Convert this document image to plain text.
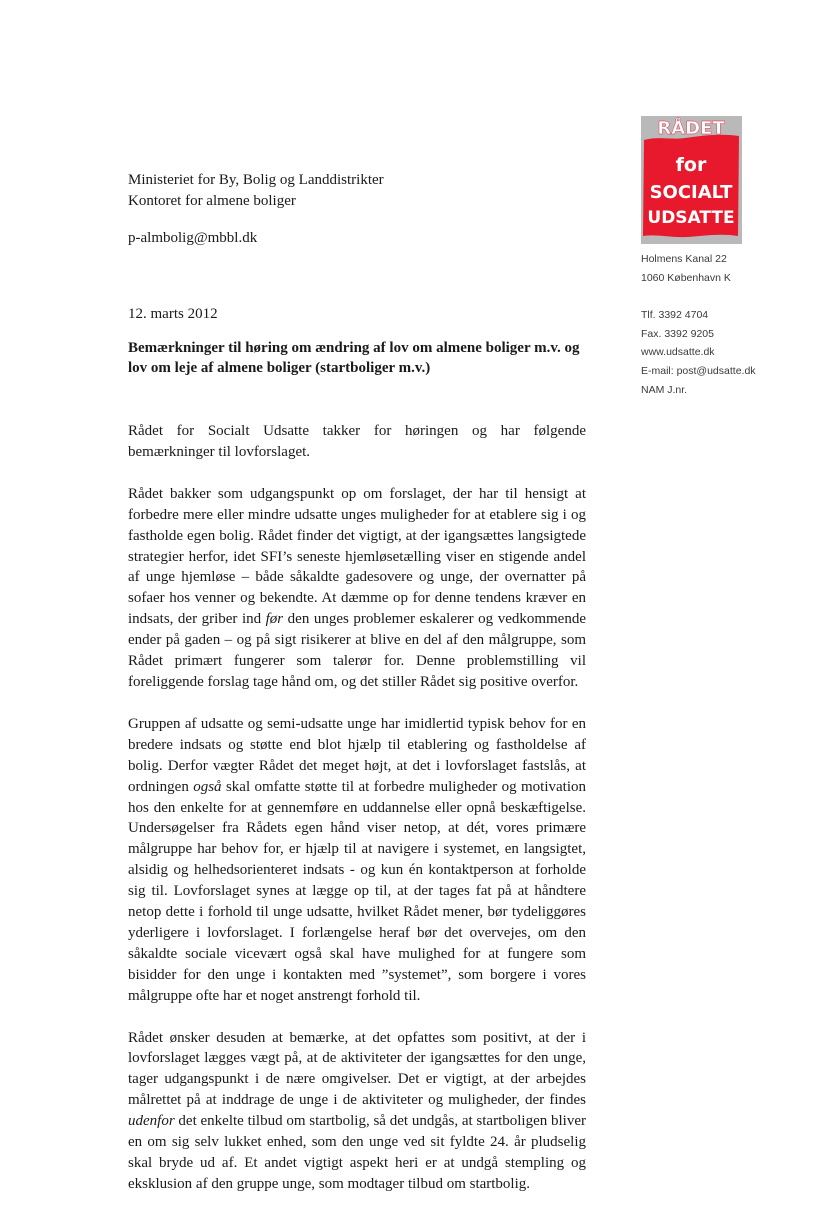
Ministeriet for By, Bolig og Landdistrikter
Kontoret for almene boliger
p-almbolig@mbbl.dk
12. marts 2012
Bemærkninger til høring om ændring af lov om almene boliger m.v. og lov om leje af almene boliger (startboliger m.v.)
RÅDET
for
SOCIALT
UDSATTE
Holmens Kanal 22
1060 København K
Tlf. 3392 4704
Fax. 3392 9205
www.udsatte.dk
E-mail: post@udsatte.dk
NAM J.nr.

Rådet for Socialt Udsatte takker for høringen og har følgende bemærkninger til lovforslaget.

Rådet bakker som udgangspunkt op om forslaget, der har til hensigt at forbedre mere eller mindre udsatte unges muligheder for at etablere sig i og fastholde egen bolig. Rådet finder det vigtigt, at der igangsættes langsigtede strategier herfor, idet SFI’s seneste hjemløsetælling viser en stigende andel af unge hjemløse – både såkaldte gadesovere og unge, der overnatter på sofaer hos venner og bekendte. At dæmme op for denne tendens kræver en indsats, der griber ind før den unges problemer eskalerer og vedkommende ender på gaden – og på sigt risikerer at blive en del af den målgruppe, som Rådet primært fungerer som talerør for. Denne problemstilling vil foreliggende forslag tage hånd om, og det stiller Rådet sig positive overfor.

Gruppen af udsatte og semi-udsatte unge har imidlertid typisk behov for en bredere indsats og støtte end blot hjælp til etablering og fastholdelse af bolig. Derfor vægter Rådet det meget højt, at det i lovforslaget fastslås, at ordningen også skal omfatte støtte til at forbedre muligheder og motivation hos den enkelte for at gennemføre en uddannelse eller opnå beskæftigelse. Undersøgelser fra Rådets egen hånd viser netop, at dét, vores primære målgruppe har behov for, er hjælp til at navigere i systemet, en langsigtet, alsidig og helhedsorienteret indsats - og kun én kontaktperson at forholde sig til. Lovforslaget synes at lægge op til, at der tages fat på at håndtere netop dette i forhold til unge udsatte, hvilket Rådet mener, bør tydeliggøres yderligere i lovforslaget. I forlængelse heraf bør det overvejes, om den såkaldte sociale vicevært også skal have mulighed for at fungere som bisidder for den unge i kontakten med ”systemet”, som borgere i vores målgruppe ofte har et noget anstrengt forhold til.

Rådet ønsker desuden at bemærke, at det opfattes som positivt, at der i lovforslaget lægges vægt på, at de aktiviteter der igangsættes for den unge, tager udgangspunkt i de nære omgivelser. Det er vigtigt, at der arbejdes målrettet på at inddrage de unge i de aktiviteter og muligheder, der findes udenfor det enkelte tilbud om startbolig, så det undgås, at startboligen bliver en om sig selv lukket enhed, som den unge ved sit fyldte 24. år pludselig skal bryde ud af. Et andet vigtigt aspekt heri er at undgå stempling og eksklusion af den gruppe unge, som modtager tilbud om startbolig.
